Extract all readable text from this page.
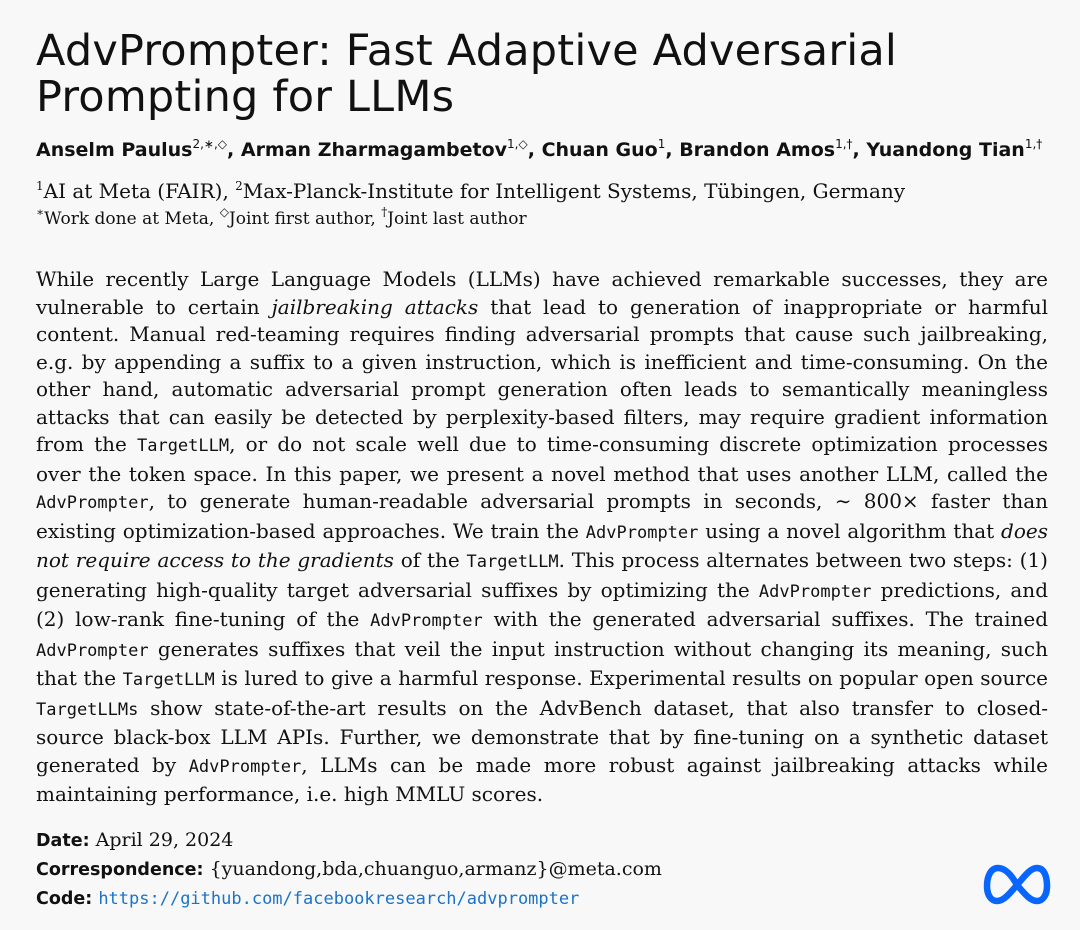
AdvPrompter: Fast Adaptive Adversarial
Prompting for LLMs
Anselm Paulus$^{2,∗,◇}$, Arman Zharmagambetov$^{1,◇}$, Chuan Guo$^1$, Brandon Amos$^{1,\dagger}$, Yuandong Tian$^{1,\dagger}$
$^1$AI at Meta (FAIR), $^2$Max-Planck-Institute for Intelligent Systems, Tübingen, Germany
∗Work done at Meta, ◇Joint first author, †Joint last author

While recently Large Language Models (LLMs) have achieved remarkable successes, they are vulnerable to certain jailbreaking attacks that lead to generation of inappropriate or harmful content. Manual red-teaming requires finding adversarial prompts that cause such jailbreaking, e.g. by appending a suffix to a given instruction, which is inefficient and time-consuming. On the other hand, automatic adversarial prompt generation often leads to semantically meaningless attacks that can easily be detected by perplexity-based filters, may require gradient information from the TargetLLM, or do not scale well due to time-consuming discrete optimization processes over the token space. In this paper, we present a novel method that uses another LLM, called the AdvPrompter, to generate human-readable adversarial prompts in seconds, ∼ 800× faster than existing optimization-based approaches. We train the AdvPrompter using a novel algorithm that does not require access to the gradients of the TargetLLM. This process alternates between two steps: (1) generating high-quality target adversarial suffixes by optimizing the AdvPrompter predictions, and (2) low-rank fine-tuning of the AdvPrompter with the generated adversarial suffixes. The trained AdvPrompter generates suffixes that veil the input instruction without changing its meaning, such that the TargetLLM is lured to give a harmful response. Experimental results on popular open source TargetLLMs show state-of-the-art results on the AdvBench dataset, that also transfer to closed-source black-box LLM APIs. Further, we demonstrate that by fine-tuning on a synthetic dataset generated by AdvPrompter, LLMs can be made more robust against jailbreaking attacks while maintaining performance, i.e. high MMLU scores.

Date: April 29, 2024
Correspondence: {yuandong,bda,chuanguo,armanz}@meta.com
Code: https://github.com/facebookresearch/advprompter
